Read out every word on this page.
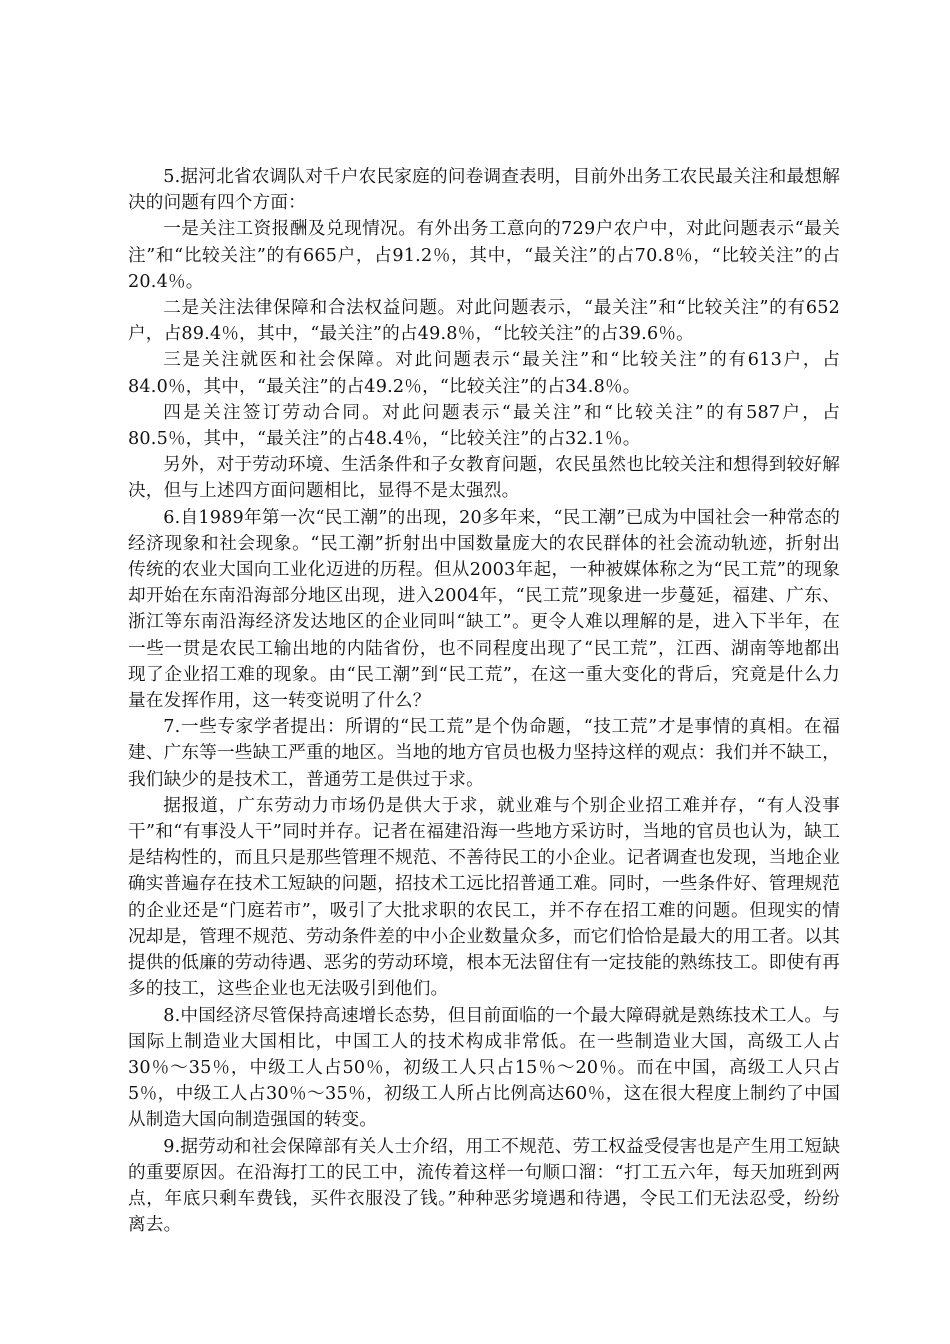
5.据河北省农调队对千户农民家庭的问卷调查表明，目前外出务工农民最关注和最想解决的问题有四个方面：

一是关注工资报酬及兑现情况。有外出务工意向的729户农户中，对此问题表示“最关注”和“比较关注”的有665户，占91.2％，其中，“最关注”的占70.8％，“比较关注”的占20.4％。

二是关注法律保障和合法权益问题。对此问题表示，“最关注”和“比较关注”的有652户，占89.4％，其中，“最关注”的占49.8％，“比较关注”的占39.6％。

三是关注就医和社会保障。对此问题表示“最关注”和“比较关注”的有613户，占84.0％，其中，“最关注”的占49.2％，“比较关注”的占34.8％。

四是关注签订劳动合同。对此问题表示“最关注”和“比较关注”的有587户，占80.5％，其中，“最关注”的占48.4％，“比较关注”的占32.1％。

另外，对于劳动环境、生活条件和子女教育问题，农民虽然也比较关注和想得到较好解决，但与上述四方面问题相比，显得不是太强烈。

6.自1989年第一次“民工潮”的出现，20多年来，“民工潮”已成为中国社会一种常态的经济现象和社会现象。“民工潮”折射出中国数量庞大的农民群体的社会流动轨迹，折射出传统的农业大国向工业化迈进的历程。但从2003年起，一种被媒体称之为“民工荒”的现象却开始在东南沿海部分地区出现，进入2004年，“民工荒”现象进一步蔓延，福建、广东、浙江等东南沿海经济发达地区的企业同叫“缺工”。更令人难以理解的是，进入下半年，在一些一贯是农民工输出地的内陆省份，也不同程度出现了“民工荒”，江西、湖南等地都出现了企业招工难的现象。由“民工潮”到“民工荒”，在这一重大变化的背后，究竟是什么力量在发挥作用，这一转变说明了什么？

7.一些专家学者提出：所谓的“民工荒”是个伪命题，“技工荒”才是事情的真相。在福建、广东等一些缺工严重的地区。当地的地方官员也极力坚持这样的观点：我们并不缺工，我们缺少的是技术工，普通劳工是供过于求。

据报道，广东劳动力市场仍是供大于求，就业难与个别企业招工难并存，“有人没事干”和“有事没人干”同时并存。记者在福建沿海一些地方采访时，当地的官员也认为，缺工是结构性的，而且只是那些管理不规范、不善待民工的小企业。记者调查也发现，当地企业确实普遍存在技术工短缺的问题，招技术工远比招普通工难。同时，一些条件好、管理规范的企业还是“门庭若市”，吸引了大批求职的农民工，并不存在招工难的问题。但现实的情况却是，管理不规范、劳动条件差的中小企业数量众多，而它们恰恰是最大的用工者。以其提供的低廉的劳动待遇、恶劣的劳动环境，根本无法留住有一定技能的熟练技工。即使有再多的技工，这些企业也无法吸引到他们。

8.中国经济尽管保持高速增长态势，但目前面临的一个最大障碍就是熟练技术工人。与国际上制造业大国相比，中国工人的技术构成非常低。在一些制造业大国，高级工人占30％～35％，中级工人占50％，初级工人只占15％～20％。而在中国，高级工人只占5％，中级工人占30％～35％，初级工人所占比例高达60％，这在很大程度上制约了中国从制造大国向制造强国的转变。

9.据劳动和社会保障部有关人士介绍，用工不规范、劳工权益受侵害也是产生用工短缺的重要原因。在沿海打工的民工中，流传着这样一句顺口溜：“打工五六年，每天加班到两点，年底只剩车费钱，买件衣服没了钱。”种种恶劣境遇和待遇，令民工们无法忍受，纷纷离去。
